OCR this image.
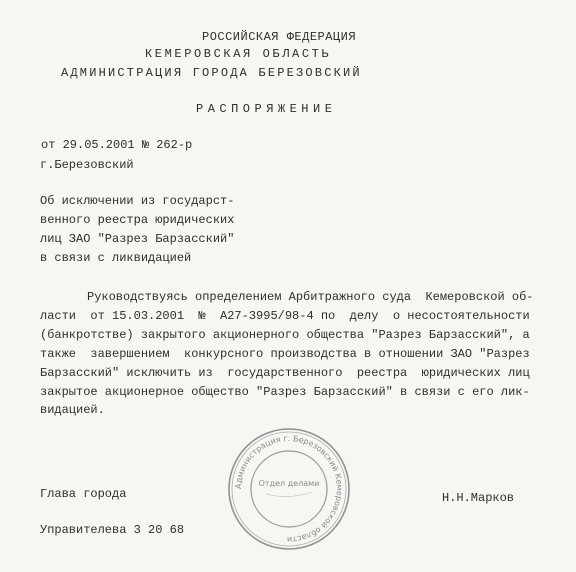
РОССИЙСКАЯ ФЕДЕРАЦИЯ
КЕМЕРОВСКАЯ ОБЛАСТЬ
АДМИНИСТРАЦИЯ ГОРОДА БЕРЕЗОВСКИЙ
РАСПОРЯЖЕНИЕ
от 29.05.2001 № 262-р
г.Березовский
Об исключении из государст-
венного реестра юридических
лиц ЗАО "Разрез Барзасский"
в связи с ликвидацией
Руководствуясь определением Арбитражного суда  Кемеровской об-
ласти  от 15.03.2001  №  А27-3995/98-4 по  делу  о несостоятельности
(банкротстве) закрытого акционерного общества "Разрез Барзасский", а
также  завершением  конкурсного производства в отношении ЗАО "Разрез
Барзасский" исключить из  государственного  реестра  юридических лиц
закрытое акционерное общество "Разрез Барзасский" в связи с его лик-
видацией.
Глава города	Н.Н.Марков
Управителева 3 20 68
Администрация г. Березовский Кемеровской области
Отдел делами
